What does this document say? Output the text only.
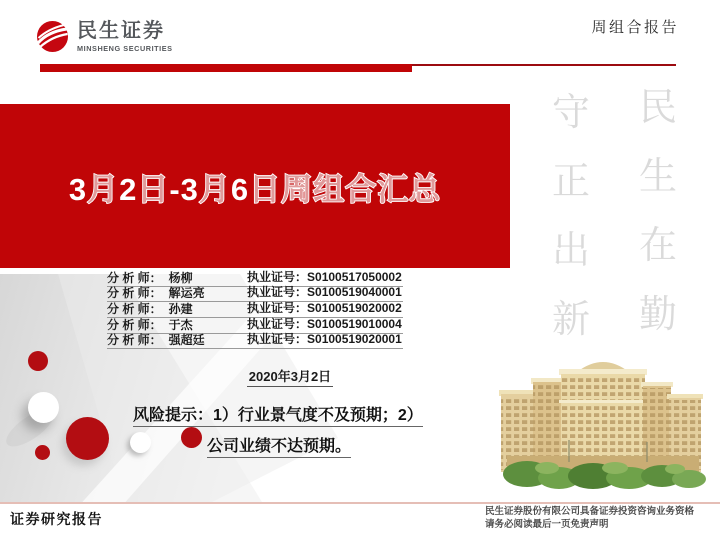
守
正
出
新
民
生
在
勤
民生证券
MINSHENG SECURITIES
周组合报告
3月2日-3月6日周组合汇总
分 析 师： 杨柳	执业证号：S0100517050002
分 析 师： 解运亮	执业证号：S0100519040001
分 析 师： 孙建	执业证号：S0100519020002
分 析 师： 于杰	执业证号：S0100519010004
分 析 师： 强超廷	执业证号：S0100519020001
2020年3月2日
风险提示：1）行业景气度不及预期；2）
公司业绩不达预期。
证券研究报告	民生证券股份有限公司具备证券投资咨询业务资格
请务必阅读最后一页免责声明
